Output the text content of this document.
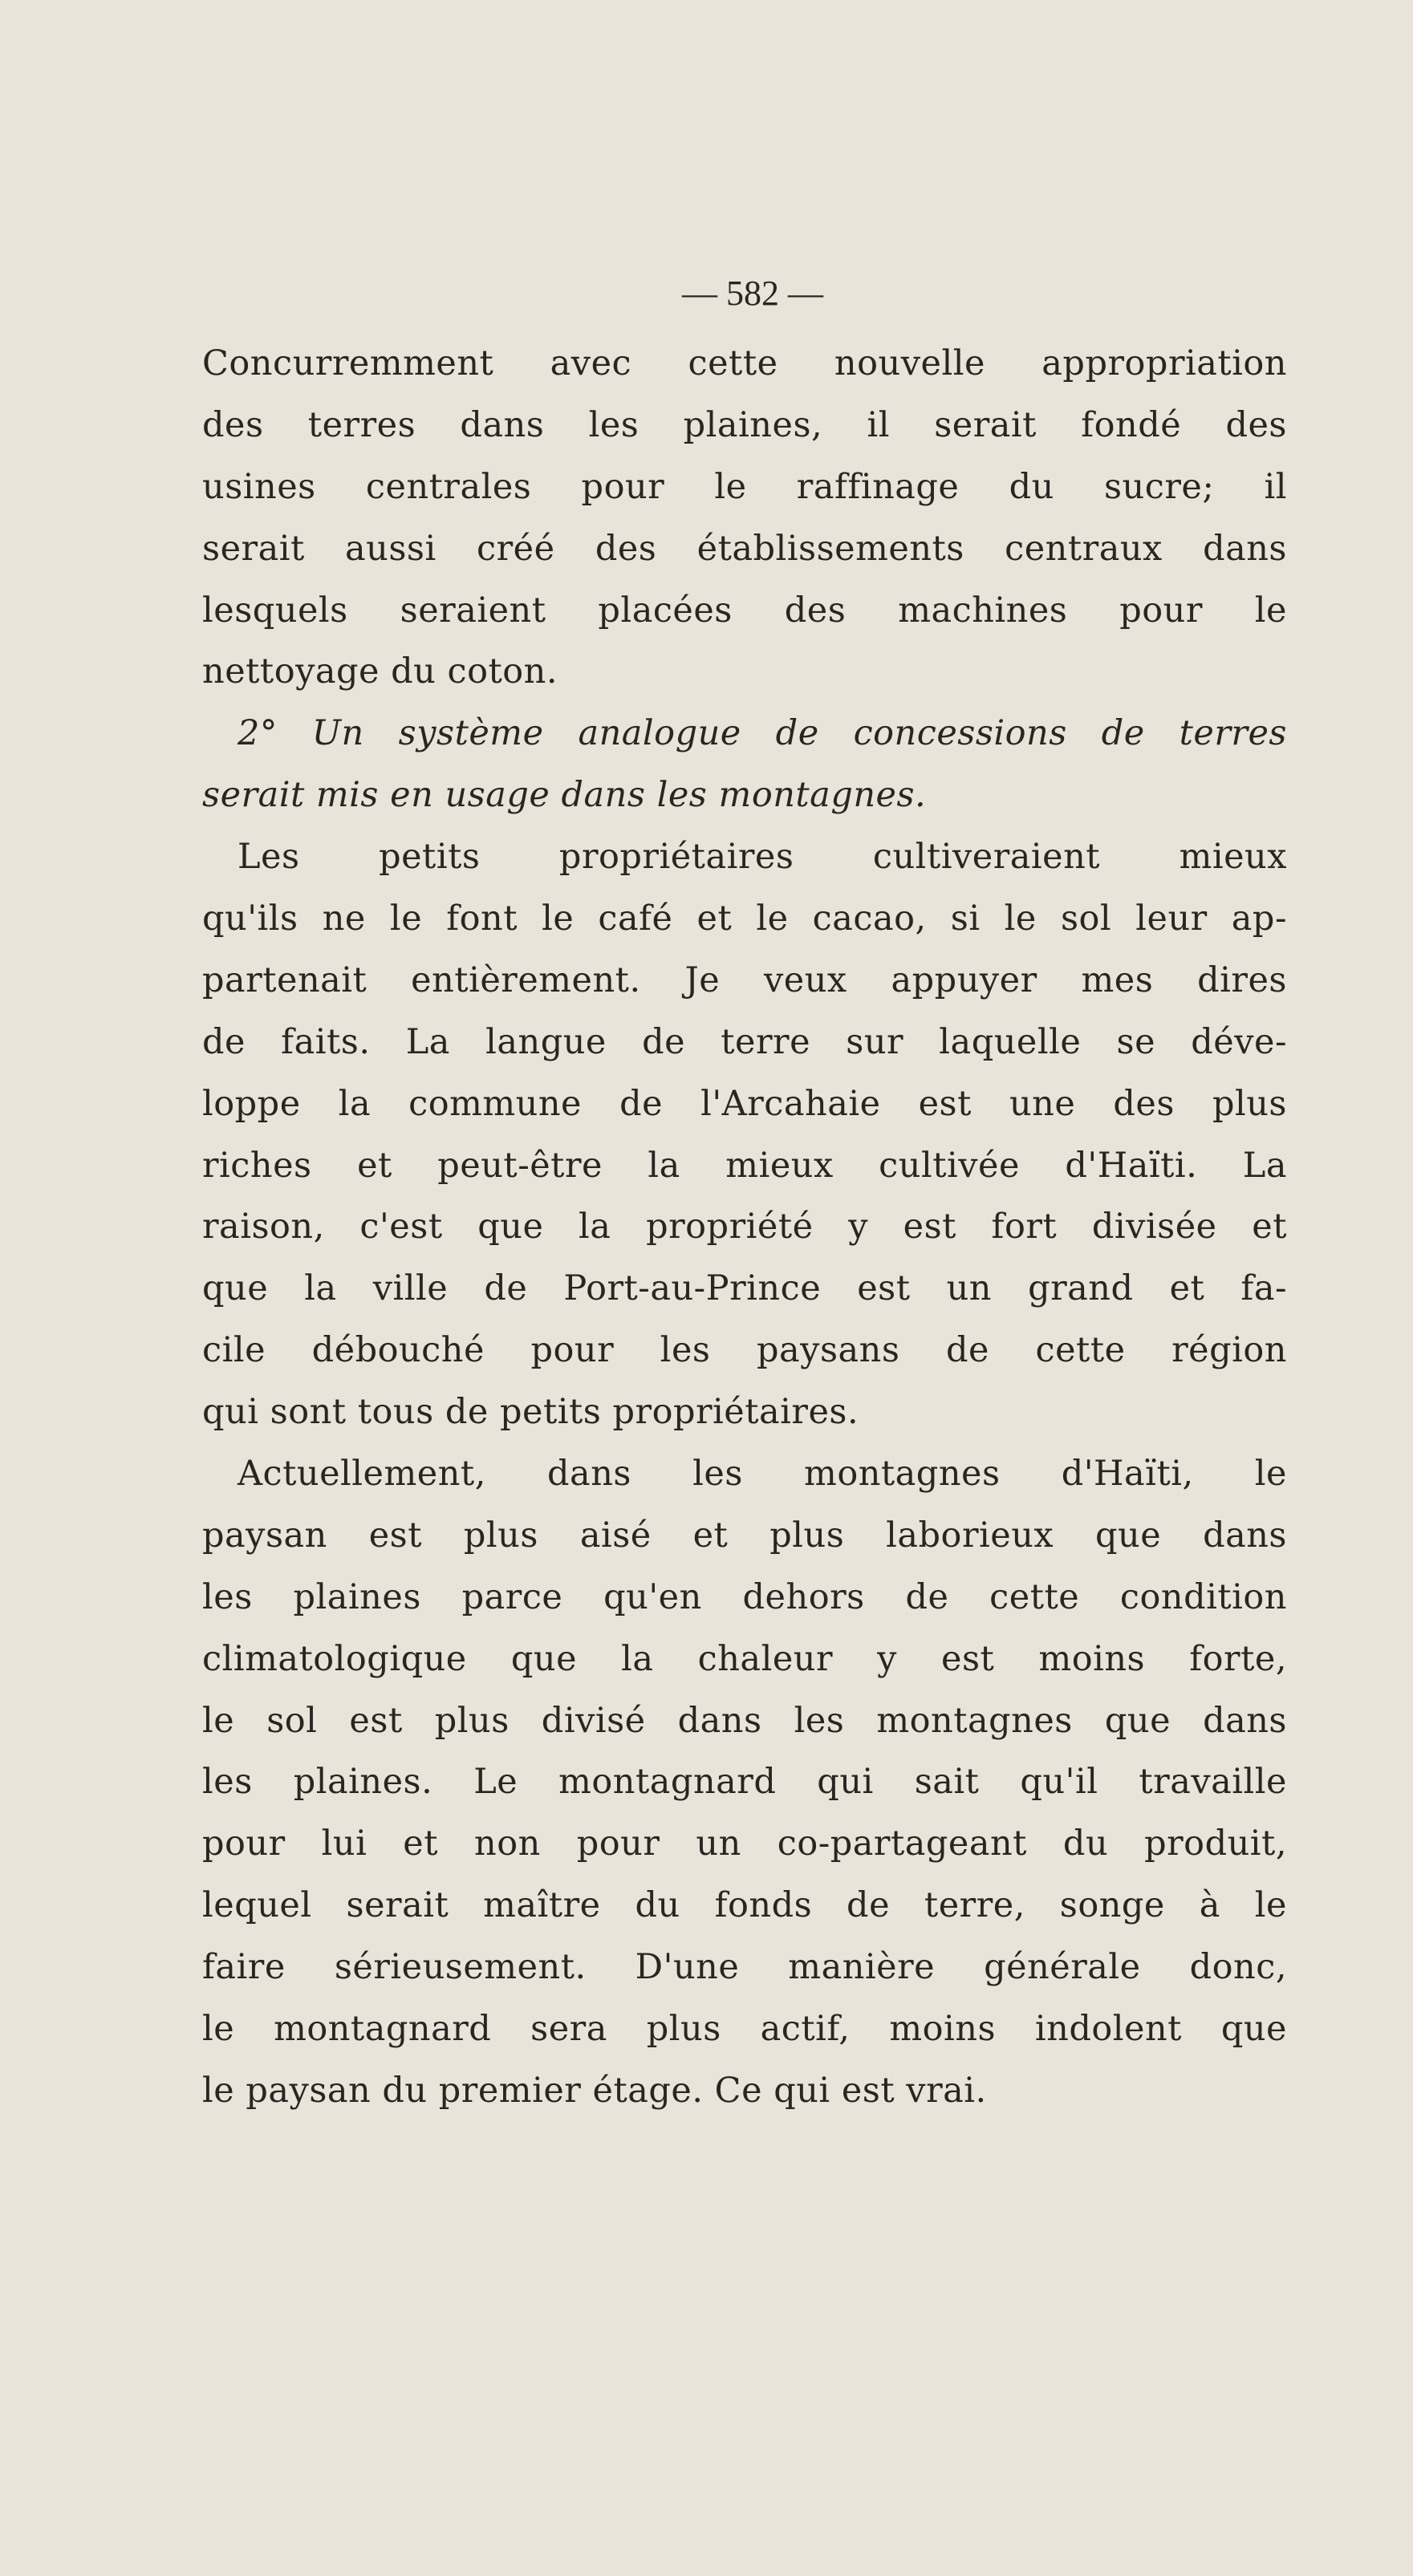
— 582 —
Concurremment avec cette nouvelle appropriation
des terres dans les plaines, il serait fondé des
usines centrales pour le raffinage du sucre; il
serait aussi créé des établissements centraux dans
lesquels seraient placées des machines pour le
nettoyage du coton.
2° Un système analogue de concessions de terres
serait mis en usage dans les montagnes.
Les petits propriétaires cultiveraient mieux
qu'ils ne le font le café et le cacao, si le sol leur ap-
partenait entièrement. Je veux appuyer mes dires
de faits. La langue de terre sur laquelle se déve-
loppe la commune de l'Arcahaie est une des plus
riches et peut-être la mieux cultivée d'Haïti. La
raison, c'est que la propriété y est fort divisée et
que la ville de Port-au-Prince est un grand et fa-
cile débouché pour les paysans de cette région
qui sont tous de petits propriétaires.
Actuellement, dans les montagnes d'Haïti, le
paysan est plus aisé et plus laborieux que dans
les plaines parce qu'en dehors de cette condition
climatologique que la chaleur y est moins forte,
le sol est plus divisé dans les montagnes que dans
les plaines. Le montagnard qui sait qu'il travaille
pour lui et non pour un co-partageant du produit,
lequel serait maître du fonds de terre, songe à le
faire sérieusement. D'une manière générale donc,
le montagnard sera plus actif, moins indolent que
le paysan du premier étage. Ce qui est vrai.
